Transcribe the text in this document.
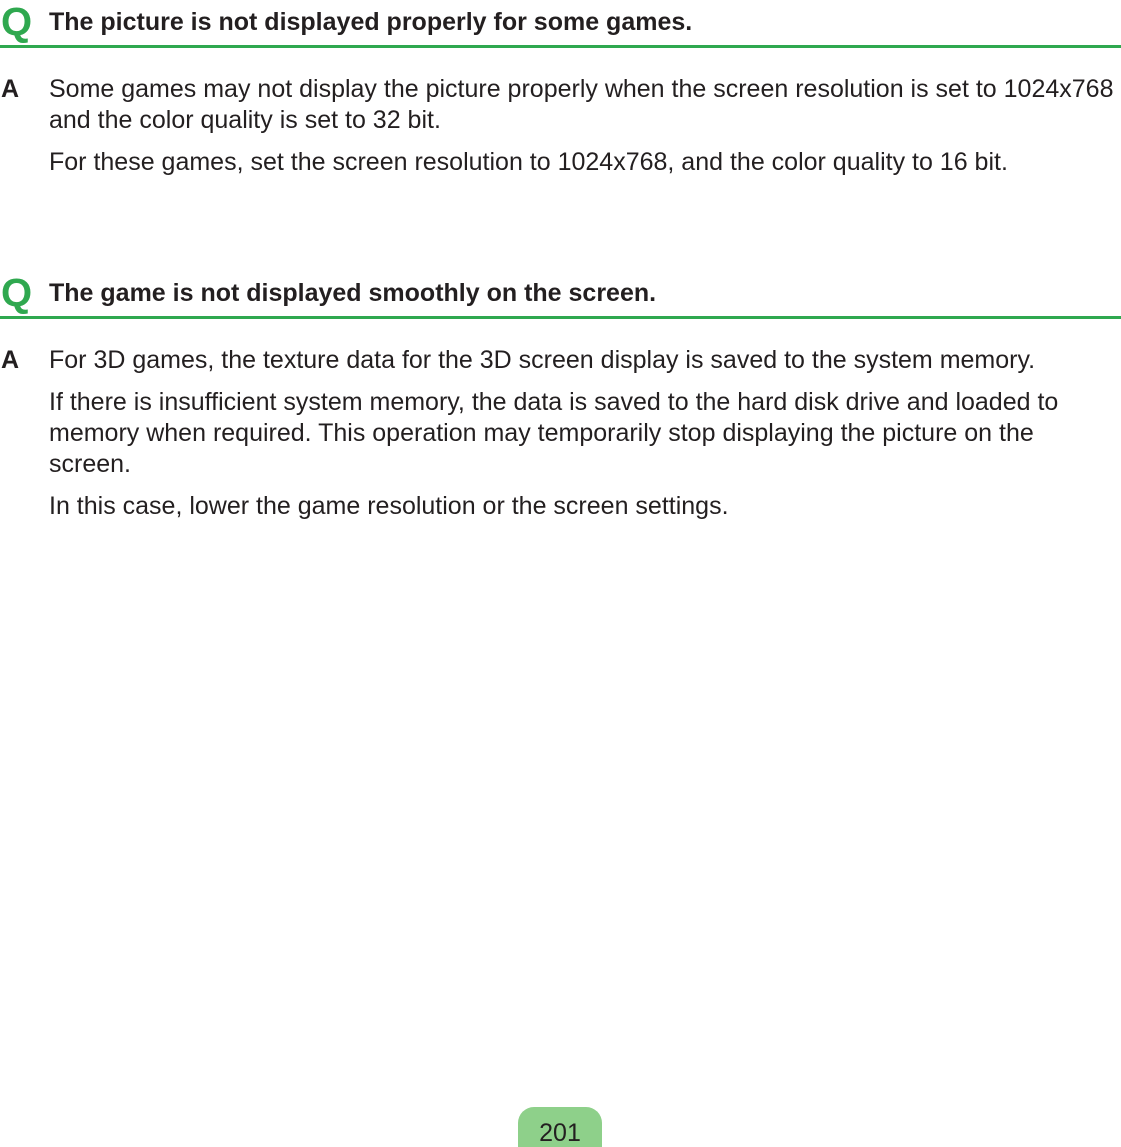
Q The picture is not displayed properly for some games.
A Some games may not display the picture properly when the screen resolution is set to 1024x768 and the color quality is set to 32 bit.

For these games, set the screen resolution to 1024x768, and the color quality to 16 bit.

Q The game is not displayed smoothly on the screen.
A For 3D games, the texture data for the 3D screen display is saved to the system memory.

If there is insufficient system memory, the data is saved to the hard disk drive and loaded to memory when required. This operation may temporarily stop displaying the picture on the screen.

In this case, lower the game resolution or the screen settings.

201
